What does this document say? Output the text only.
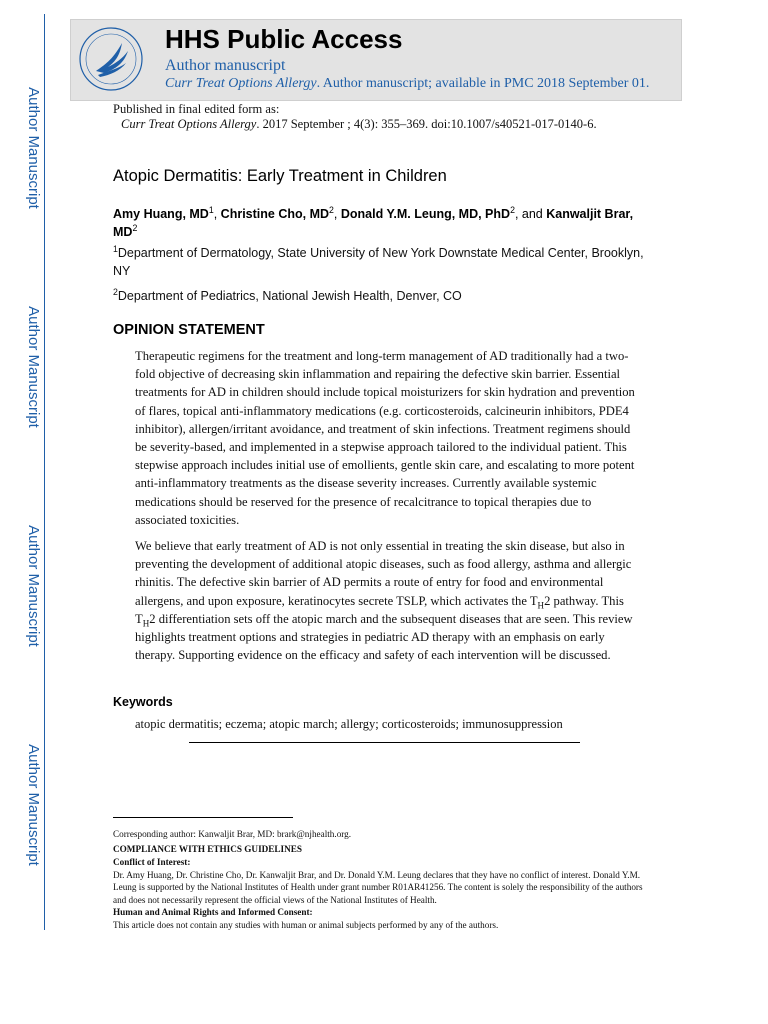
Author Manuscript
Author Manuscript
Author Manuscript
Author Manuscript
HHS Public Access
Author manuscript
Curr Treat Options Allergy. Author manuscript; available in PMC 2018 September 01.
Published in final edited form as:
Curr Treat Options Allergy. 2017 September ; 4(3): 355–369. doi:10.1007/s40521-017-0140-6.
Atopic Dermatitis: Early Treatment in Children
Amy Huang, $MD^1$, Christine Cho, $MD^2$, Donald Y.M. Leung, MD, PhD$^2$, and Kanwaljit Brar, $MD^2$
$^1$Department of Dermatology, State University of New York Downstate Medical Center, Brooklyn, NY
$^2$Department of Pediatrics, National Jewish Health, Denver, CO
OPINION STATEMENT
Therapeutic regimens for the treatment and long-term management of AD traditionally had a two-fold objective of decreasing skin inflammation and repairing the defective skin barrier. Essential treatments for AD in children should include topical moisturizers for skin hydration and prevention of flares, topical anti-inflammatory medications (e.g. corticosteroids, calcineurin inhibitors, PDE4 inhibitor), allergen/irritant avoidance, and treatment of skin infections. Treatment regimens should be severity-based, and implemented in a stepwise approach tailored to the individual patient. This stepwise approach includes initial use of emollients, gentle skin care, and escalating to more potent anti-inflammatory treatments as the disease severity increases. Currently available systemic medications should be reserved for the presence of recalcitrance to topical therapies due to associated toxicities.
We believe that early treatment of AD is not only essential in treating the skin disease, but also in preventing the development of additional atopic diseases, such as food allergy, asthma and allergic rhinitis. The defective skin barrier of AD permits a route of entry for food and environmental allergens, and upon exposure, keratinocytes secrete TSLP, which activates the $T_H2$ pathway. This $T_H2$ differentiation sets off the atopic march and the subsequent diseases that are seen. This review highlights treatment options and strategies in pediatric AD therapy with an emphasis on early therapy. Supporting evidence on the efficacy and safety of each intervention will be discussed.
Keywords
atopic dermatitis; eczema; atopic march; allergy; corticosteroids; immunosuppression
Corresponding author: Kanwaljit Brar, MD: brark@njhealth.org.
COMPLIANCE WITH ETHICS GUIDELINES
Conflict of Interest:
Dr. Amy Huang, Dr. Christine Cho, Dr. Kanwaljit Brar, and Dr. Donald Y.M. Leung declares that they have no conflict of interest. Donald Y.M. Leung is supported by the National Institutes of Health under grant number R01AR41256. The content is solely the responsibility of the authors and does not necessarily represent the official views of the National Institutes of Health.
Human and Animal Rights and Informed Consent:
This article does not contain any studies with human or animal subjects performed by any of the authors.
